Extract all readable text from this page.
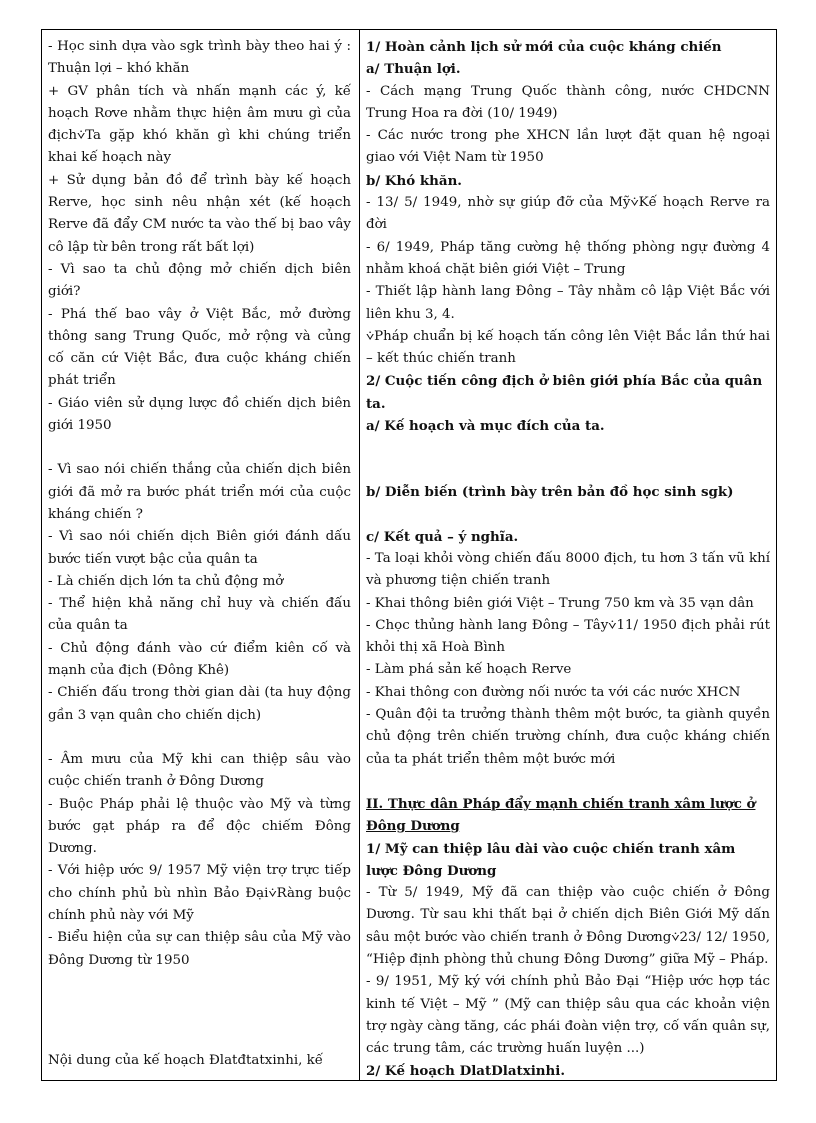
- Học sinh dựa vào sgk trình bày theo hai ý : Thuận lợi – khó khăn

+ GV phân tích và nhấn mạnh các ý, kế hoạch Rơve nhằm thực hiện âm mưu gì của địch⩒Ta gặp khó khăn gì khi chúng triển khai kế hoạch này

+ Sử dụng bản đồ để trình bày kế hoạch Rerve, học sinh nêu nhận xét (kế hoạch Rerve đã đẩy CM nước ta vào thế bị bao vây cô lập từ bên trong rất bất lợi)

- Vì sao ta chủ động mở chiến dịch biên giới?

- Phá thế bao vây ở Việt Bắc, mở đường thông sang Trung Quốc, mở rộng và củng cố căn cứ Việt Bắc, đưa cuộc kháng chiến phát triển

- Giáo viên sử dụng lược đồ chiến dịch biên giới 1950

- Vì sao nói chiến thắng của chiến dịch biên giới đã mở ra bước phát triển mới của cuộc kháng chiến ?

- Vì sao nói chiến dịch Biên giới đánh dấu bước tiến vượt bậc của quân ta

- Là chiến dịch lớn ta chủ động mở

- Thể hiện khả năng chỉ huy và chiến đấu của quân ta

- Chủ động đánh vào cứ điểm kiên cố và mạnh của địch (Đông Khê)

- Chiến đấu trong thời gian dài (ta huy động gần 3 vạn quân cho chiến dịch)

- Âm mưu của Mỹ khi can thiệp sâu vào cuộc chiến tranh ở Đông Dương

- Buộc Pháp phải lệ thuộc vào Mỹ và từng bước gạt pháp ra để độc chiếm Đông Dương.

- Với hiệp ước 9/ 1957 Mỹ viện trợ trực tiếp cho chính phủ bù nhìn Bảo Đại⩒Ràng buộc chính phủ này với Mỹ

- Biểu hiện của sự can thiệp sâu của Mỹ vào Đông Dương từ 1950

Nội dung của kế hoạch Đlatđtatxinhi, kế

1/ Hoàn cảnh lịch sử mới của cuộc kháng chiến

a/ Thuận lợi.

- Cách mạng Trung Quốc thành công, nước CHDCNN Trung Hoa ra đời (10/ 1949)

- Các nước trong phe XHCN lần lượt đặt quan hệ ngoại giao với Việt Nam từ 1950

b/ Khó khăn.

- 13/ 5/ 1949, nhờ sự giúp đỡ của Mỹ⩒Kế hoạch Rerve ra đời

- 6/ 1949, Pháp tăng cường hệ thống phòng ngự đường 4 nhằm khoá chặt biên giới Việt – Trung

- Thiết lập hành lang Đông – Tây nhằm cô lập Việt Bắc với liên khu 3, 4.

⩒Pháp chuẩn bị kế hoạch tấn công lên Việt Bắc lần thứ hai – kết thúc chiến tranh

2/ Cuộc tiến công địch ở biên giới phía Bắc của quân ta.

a/ Kế hoạch và mục đích của ta.

b/ Diễn biến (trình bày trên bản đồ học sinh sgk)

c/ Kết quả – ý nghĩa.

- Ta loại khỏi vòng chiến đấu 8000 địch, tu hơn 3 tấn vũ khí và phương tiện chiến tranh

- Khai thông biên giới Việt – Trung 750 km và 35 vạn dân

- Chọc thủng hành lang Đông – Tây⩒11/ 1950 địch phải rút khỏi thị xã Hoà Bình

- Làm phá sản kế hoạch Rerve

- Khai thông con đường nối nước ta với các nước XHCN

- Quân đội ta trưởng thành thêm một bước, ta giành quyền chủ động trên chiến trường chính, đưa cuộc kháng chiến của ta phát triển thêm một bước mới

II. Thực dân Pháp đẩy mạnh chiến tranh xâm lược ở Đông Dương

1/ Mỹ can thiệp lâu dài vào cuộc chiến tranh xâm lược Đông Dương

- Từ 5/ 1949, Mỹ đã can thiệp vào cuộc chiến ở Đông Dương. Từ sau khi thất bại ở chiến dịch Biên Giới Mỹ dấn sâu một bước vào chiến tranh ở Đông Dương⩒23/ 12/ 1950, “Hiệp định phòng thủ chung Đông Dương” giữa Mỹ – Pháp.

- 9/ 1951, Mỹ ký với chính phủ Bảo Đại “Hiệp ước hợp tác kinh tế Việt – Mỹ ” (Mỹ can thiệp sâu qua các khoản viện trợ ngày càng tăng, các phái đoàn viện trợ, cố vấn quân sự, các trung tâm, các trường huấn luyện ...)

2/ Kế hoạch DlatDlatxinhi.
